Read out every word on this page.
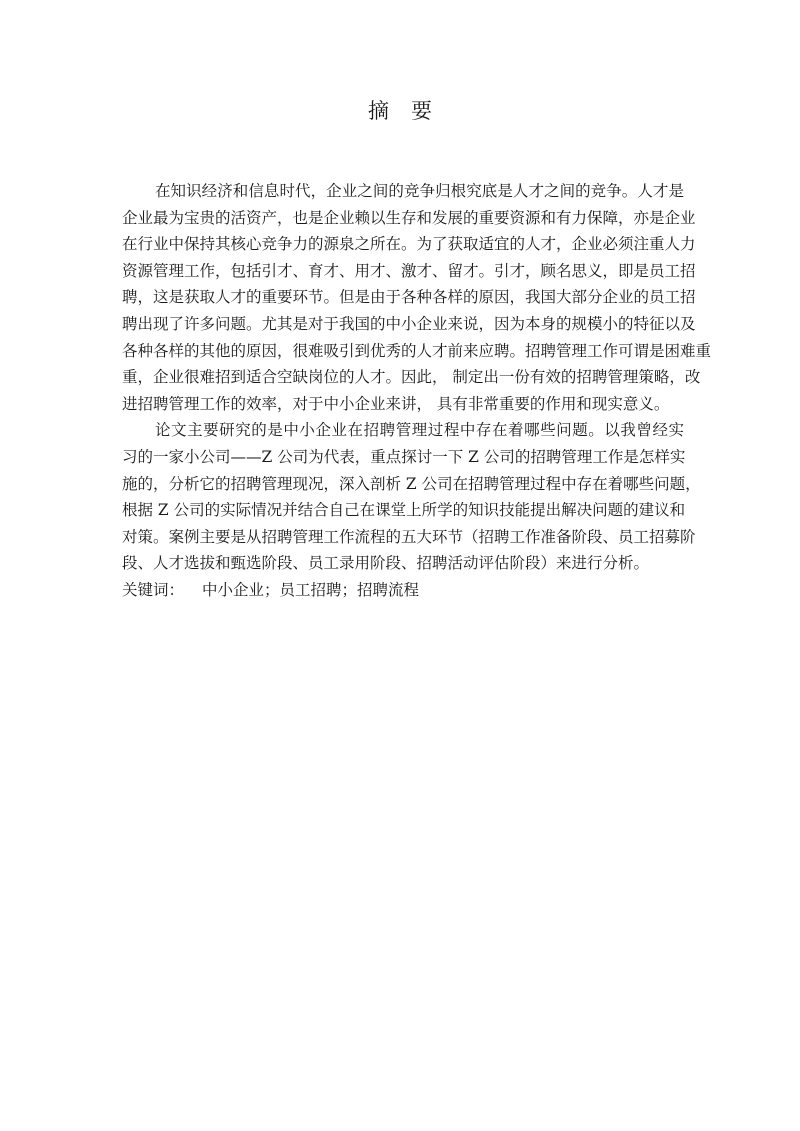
摘要
在知识经济和信息时代，企业之间的竞争归根究底是人才之间的竞争。人才是
企业最为宝贵的活资产，也是企业赖以生存和发展的重要资源和有力保障，亦是企业
在行业中保持其核心竞争力的源泉之所在。为了获取适宜的人才，企业必须注重人力
资源管理工作，包括引才、育才、用才、激才、留才。引才，顾名思义，即是员工招
聘，这是获取人才的重要环节。但是由于各种各样的原因，我国大部分企业的员工招
聘出现了许多问题。尤其是对于我国的中小企业来说，因为本身的规模小的特征以及
各种各样的其他的原因，很难吸引到优秀的人才前来应聘。招聘管理工作可谓是困难重
重，企业很难招到适合空缺岗位的人才。因此， 制定出一份有效的招聘管理策略，改
进招聘管理工作的效率，对于中小企业来讲， 具有非常重要的作用和现实意义。
论文主要研究的是中小企业在招聘管理过程中存在着哪些问题。以我曾经实
习的一家小公司——Z 公司为代表，重点探讨一下 Z 公司的招聘管理工作是怎样实
施的，分析它的招聘管理现况，深入剖析 Z 公司在招聘管理过程中存在着哪些问题，
根据 Z 公司的实际情况并结合自己在课堂上所学的知识技能提出解决问题的建议和
对策。案例主要是从招聘管理工作流程的五大环节（招聘工作准备阶段、员工招募阶
段、人才选拔和甄选阶段、员工录用阶段、招聘活动评估阶段）来进行分析。
关键词： 中小企业；员工招聘；招聘流程
